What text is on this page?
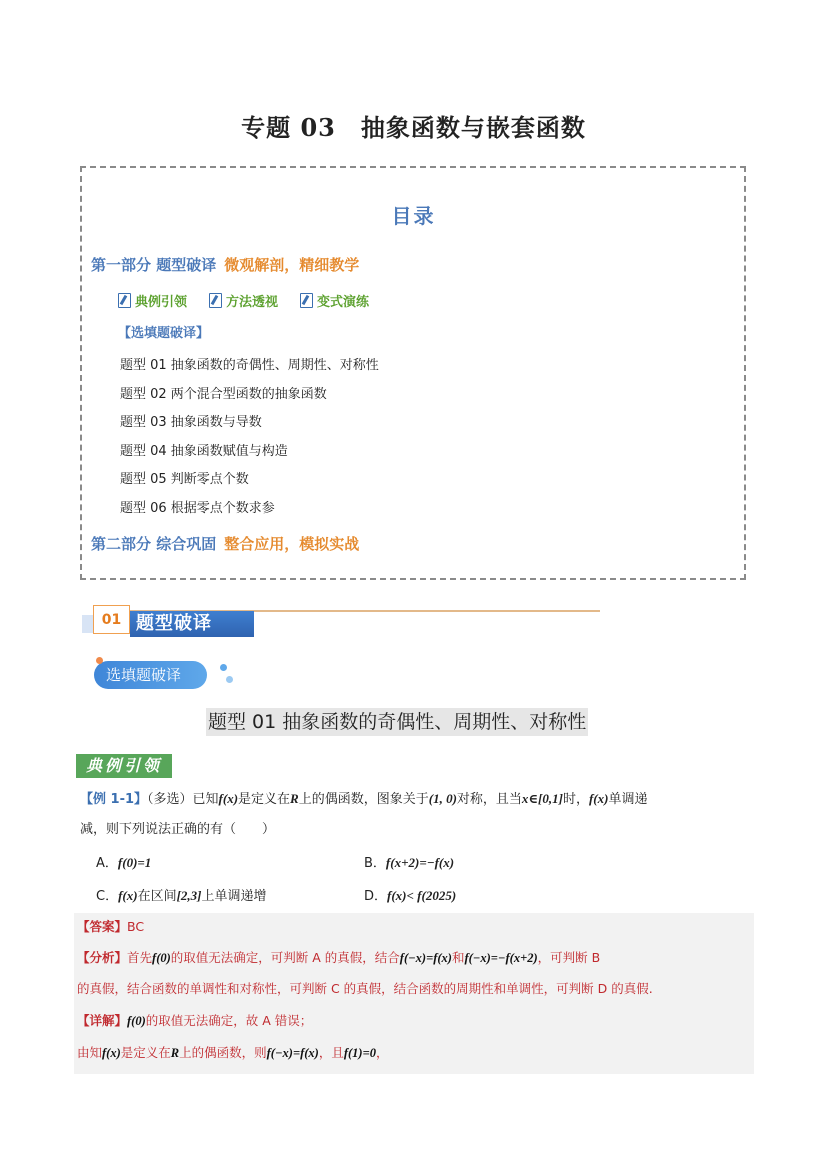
专题 03　抽象函数与嵌套函数
目录
第一部分 题型破译 微观解剖，精细教学
典例引领	方法透视	变式演练
【选填题破译】
题型 01 抽象函数的奇偶性、周期性、对称性
题型 02 两个混合型函数的抽象函数
题型 03 抽象函数与导数
题型 04 抽象函数赋值与构造
题型 05 判断零点个数
题型 06 根据零点个数求参
第二部分 综合巩固 整合应用，模拟实战
题型破译
01
选填题破译
题型 01 抽象函数的奇偶性、周期性、对称性
典例引领
【例 1-1】（多选）已知f(x)是定义在R上的偶函数，图象关于(1, 0)对称，且当x∈[0,1]时，f(x)单调递
减，则下列说法正确的有（　　）
A．f(0)=1	B．f(x+2)=−f(x)
C．f(x)在区间[2,3]上单调递增	D．f(x)< f(2025)
【答案】BC
【分析】首先f(0)的取值无法确定，可判断 A 的真假，结合f(−x)=f(x)和f(−x)=−f(x+2)，可判断 B
的真假，结合函数的单调性和对称性，可判断 C 的真假，结合函数的周期性和单调性，可判断 D 的真假.
【详解】f(0)的取值无法确定，故 A 错误；
由知f(x)是定义在R上的偶函数，则f(−x)=f(x)，且f(1)=0，
